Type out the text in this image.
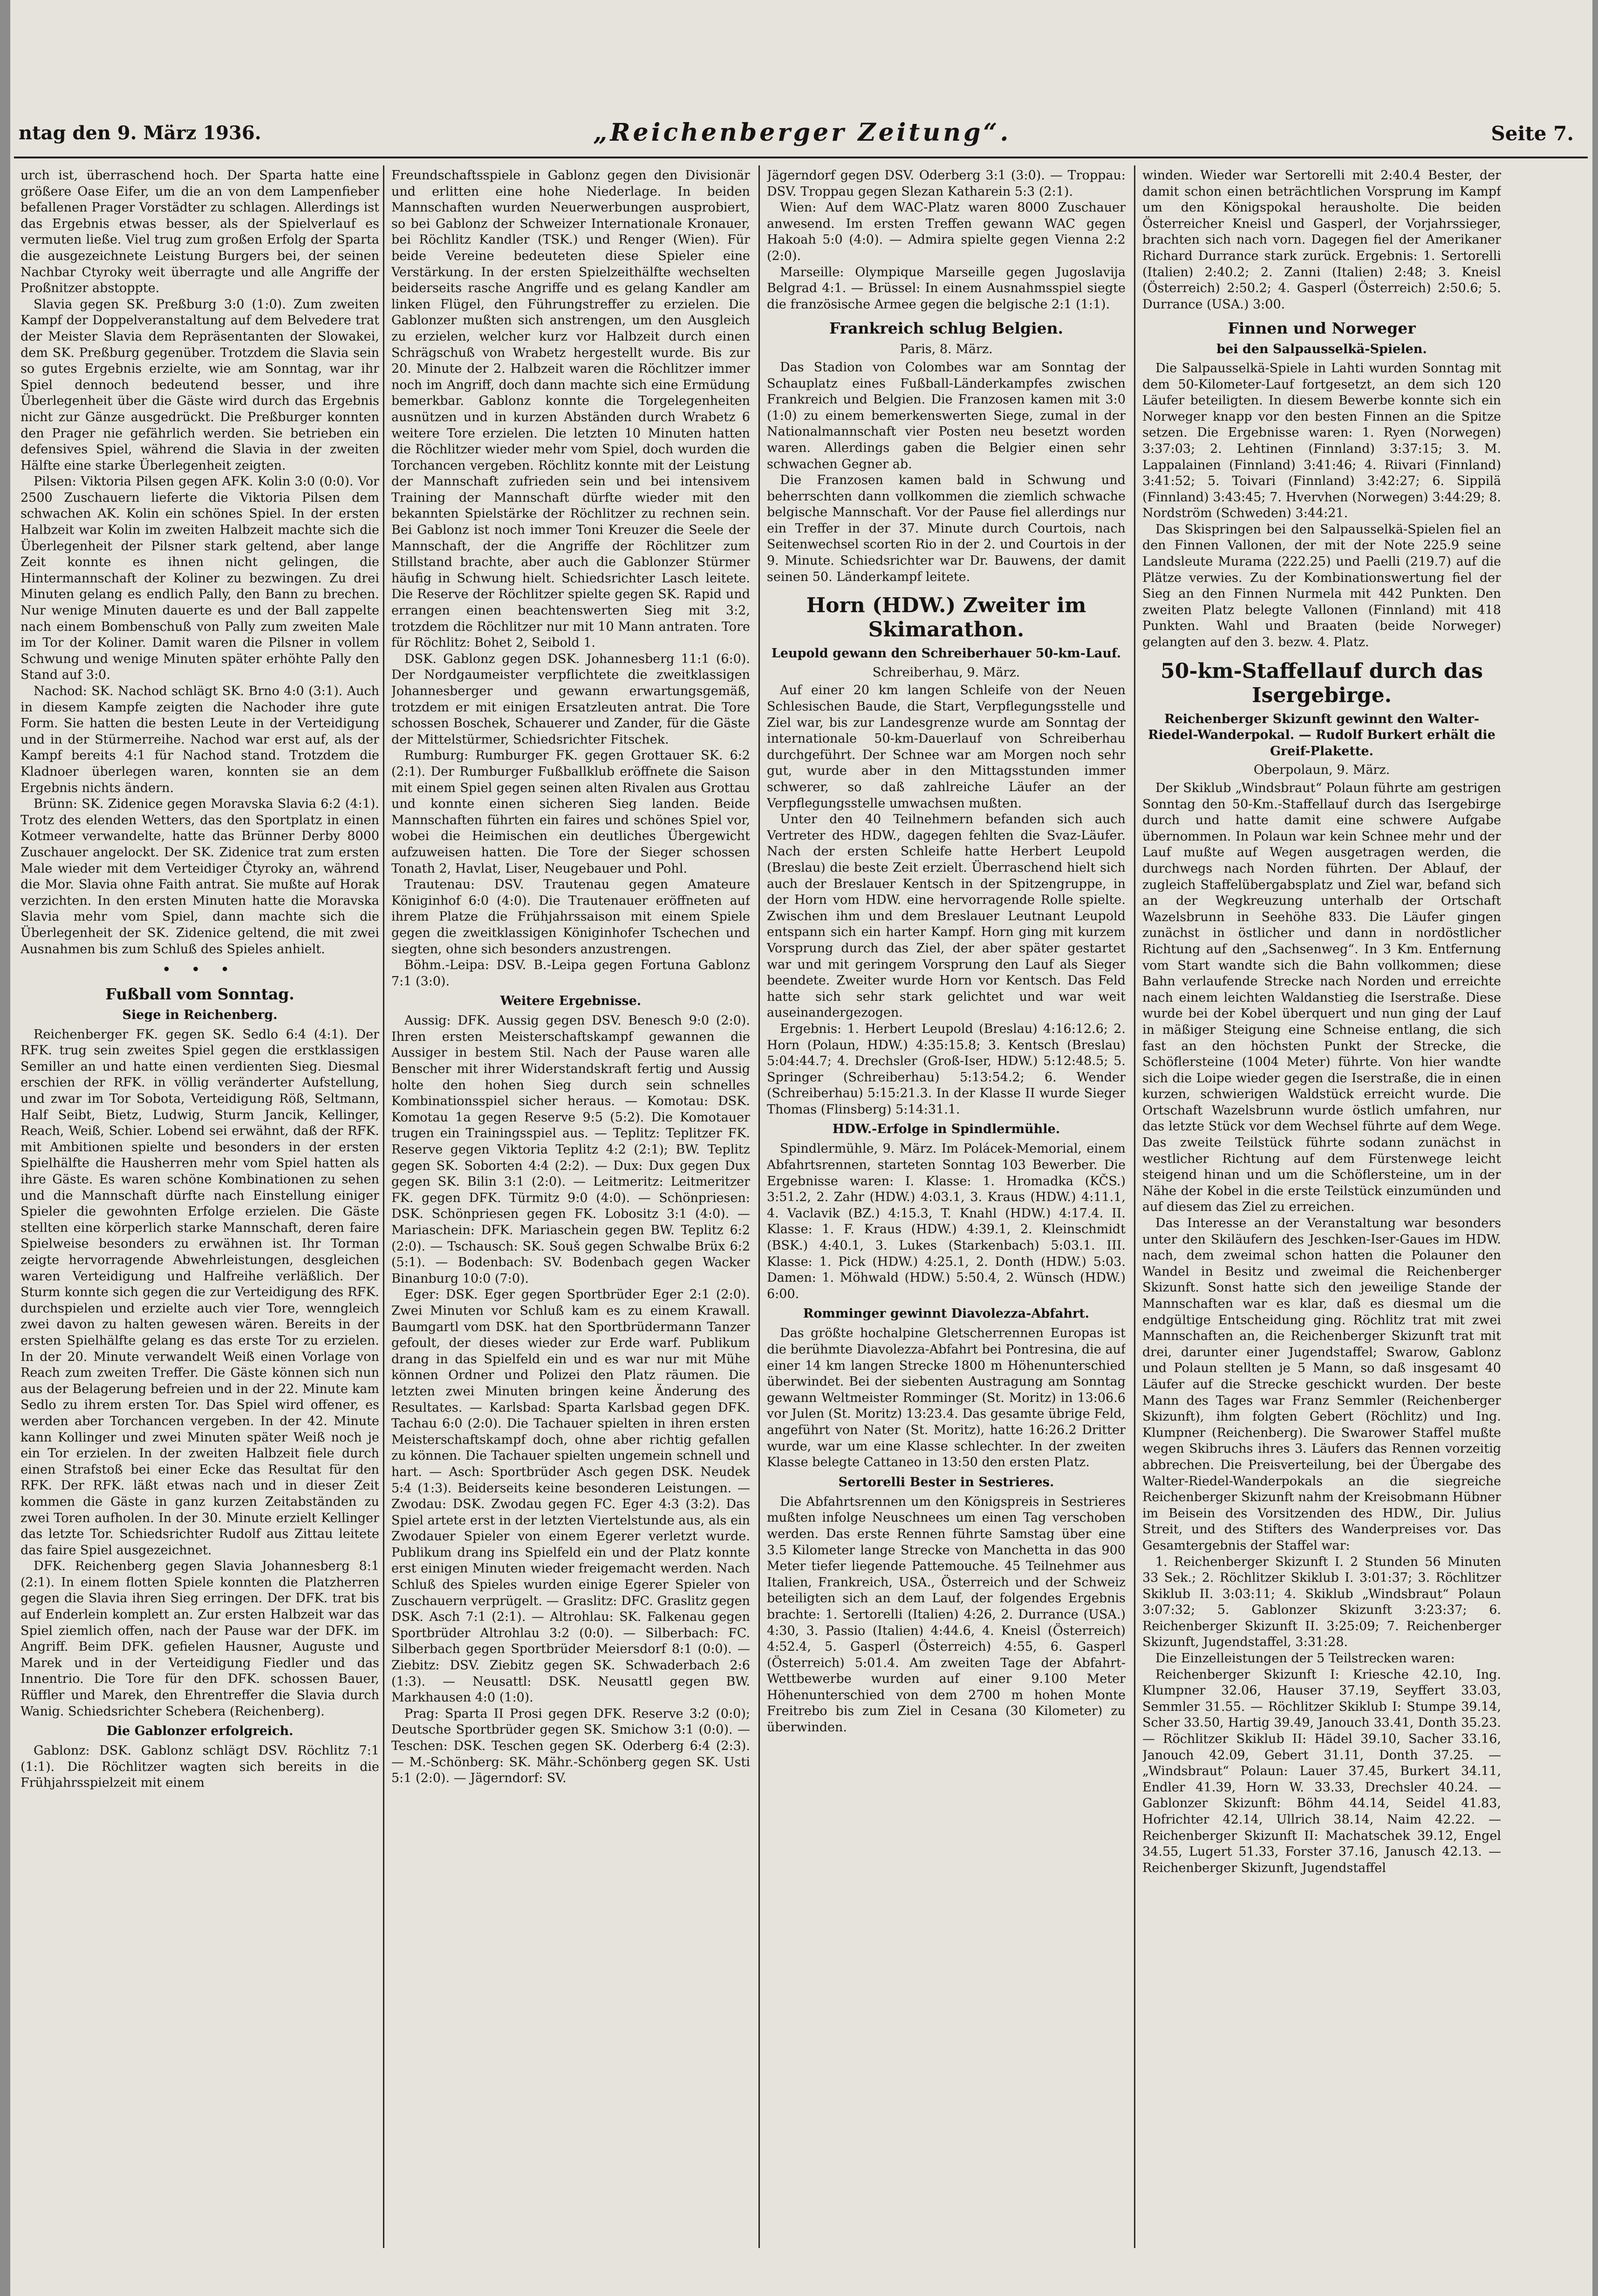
ntag den 9. März 1936.	„Reichenberger Zeitung“.	Seite 7.

urch ist, überraschend hoch. Der Sparta hatte eine größere Oase Eifer, um die an von dem Lampenfieber befallenen Prager Vorstädter zu schlagen. Allerdings ist das Ergebnis etwas besser, als der Spielverlauf es vermuten ließe. Viel trug zum großen Erfolg der Sparta die ausgezeichnete Leistung Burgers bei, der seinen Nachbar Ctyroky weit überragte und alle Angriffe der Proßnitzer abstoppte.

Slavia gegen SK. Preßburg 3:0 (1:0). Zum zweiten Kampf der Doppelveranstaltung auf dem Belvedere trat der Meister Slavia dem Repräsentanten der Slowakei, dem SK. Preßburg gegenüber. Trotzdem die Slavia sein so gutes Ergebnis erzielte, wie am Sonntag, war ihr Spiel dennoch bedeutend besser, und ihre Überlegenheit über die Gäste wird durch das Ergebnis nicht zur Gänze ausgedrückt. Die Preßburger konnten den Prager nie gefährlich werden. Sie betrieben ein defensives Spiel, während die Slavia in der zweiten Hälfte eine starke Überlegenheit zeigten.

Pilsen: Viktoria Pilsen gegen AFK. Kolin 3:0 (0:0). Vor 2500 Zuschauern lieferte die Viktoria Pilsen dem schwachen AK. Kolin ein schönes Spiel. In der ersten Halbzeit war Kolin im zweiten Halbzeit machte sich die Überlegenheit der Pilsner stark geltend, aber lange Zeit konnte es ihnen nicht gelingen, die Hintermannschaft der Koliner zu bezwingen. Zu drei Minuten gelang es endlich Pally, den Bann zu brechen. Nur wenige Minuten dauerte es und der Ball zappelte nach einem Bombenschuß von Pally zum zweiten Male im Tor der Koliner. Damit waren die Pilsner in vollem Schwung und wenige Minuten später erhöhte Pally den Stand auf 3:0.

Nachod: SK. Nachod schlägt SK. Brno 4:0 (3:1). Auch in diesem Kampfe zeigten die Nachoder ihre gute Form. Sie hatten die besten Leute in der Verteidigung und in der Stürmerreihe. Nachod war erst auf, als der Kampf bereits 4:1 für Nachod stand. Trotzdem die Kladnoer überlegen waren, konnten sie an dem Ergebnis nichts ändern.

Brünn: SK. Zidenice gegen Moravska Slavia 6:2 (4:1). Trotz des elenden Wetters, das den Sportplatz in einen Kotmeer verwandelte, hatte das Brünner Derby 8000 Zuschauer angelockt. Der SK. Zidenice trat zum ersten Male wieder mit dem Verteidiger Čtyroky an, während die Mor. Slavia ohne Faith antrat. Sie mußte auf Horak verzichten. In den ersten Minuten hatte die Moravska Slavia mehr vom Spiel, dann machte sich die Überlegenheit der SK. Zidenice geltend, die mit zwei Ausnahmen bis zum Schluß des Spieles anhielt.

• • •
Fußball vom Sonntag.
Siege in Reichenberg.

Reichenberger FK. gegen SK. Sedlo 6:4 (4:1). Der RFK. trug sein zweites Spiel gegen die erstklassigen Semiller an und hatte einen verdienten Sieg. Diesmal erschien der RFK. in völlig veränderter Aufstellung, und zwar im Tor Sobota, Verteidigung Röß, Seltmann, Half Seibt, Bietz, Ludwig, Sturm Jancik, Kellinger, Reach, Weiß, Schier. Lobend sei erwähnt, daß der RFK. mit Ambitionen spielte und besonders in der ersten Spielhälfte die Hausherren mehr vom Spiel hatten als ihre Gäste. Es waren schöne Kombinationen zu sehen und die Mannschaft dürfte nach Einstellung einiger Spieler die gewohnten Erfolge erzielen. Die Gäste stellten eine körperlich starke Mannschaft, deren faire Spielweise besonders zu erwähnen ist. Ihr Torman zeigte hervorragende Abwehrleistungen, desgleichen waren Verteidigung und Halfreihe verläßlich. Der Sturm konnte sich gegen die zur Verteidigung des RFK. durchspielen und erzielte auch vier Tore, wenngleich zwei davon zu halten gewesen wären. Bereits in der ersten Spielhälfte gelang es das erste Tor zu erzielen. In der 20. Minute verwandelt Weiß einen Vorlage von Reach zum zweiten Treffer. Die Gäste können sich nun aus der Belagerung befreien und in der 22. Minute kam Sedlo zu ihrem ersten Tor. Das Spiel wird offener, es werden aber Torchancen vergeben. In der 42. Minute kann Kollinger und zwei Minuten später Weiß noch je ein Tor erzielen. In der zweiten Halbzeit fiele durch einen Strafstoß bei einer Ecke das Resultat für den RFK. Der RFK. läßt etwas nach und in dieser Zeit kommen die Gäste in ganz kurzen Zeitabständen zu zwei Toren aufholen. In der 30. Minute erzielt Kellinger das letzte Tor. Schiedsrichter Rudolf aus Zittau leitete das faire Spiel ausgezeichnet.

DFK. Reichenberg gegen Slavia Johannesberg 8:1 (2:1). In einem flotten Spiele konnten die Platzherren gegen die Slavia ihren Sieg erringen. Der DFK. trat bis auf Enderlein komplett an. Zur ersten Halbzeit war das Spiel ziemlich offen, nach der Pause war der DFK. im Angriff. Beim DFK. gefielen Hausner, Auguste und Marek und in der Verteidigung Fiedler und das Innentrio. Die Tore für den DFK. schossen Bauer, Rüffler und Marek, den Ehrentreffer die Slavia durch Wanig. Schiedsrichter Schebera (Reichenberg).

Die Gablonzer erfolgreich.

Gablonz: DSK. Gablonz schlägt DSV. Röchlitz 7:1 (1:1). Die Röchlitzer wagten sich bereits in die Frühjahrsspielzeit mit einem

Freundschaftsspiele in Gablonz gegen den Divisionär und erlitten eine hohe Niederlage. In beiden Mannschaften wurden Neuerwerbungen ausprobiert, so bei Gablonz der Schweizer Internationale Kronauer, bei Röchlitz Kandler (TSK.) und Renger (Wien). Für beide Vereine bedeuteten diese Spieler eine Verstärkung. In der ersten Spielzeithälfte wechselten beiderseits rasche Angriffe und es gelang Kandler am linken Flügel, den Führungstreffer zu erzielen. Die Gablonzer mußten sich anstrengen, um den Ausgleich zu erzielen, welcher kurz vor Halbzeit durch einen Schrägschuß von Wrabetz hergestellt wurde. Bis zur 20. Minute der 2. Halbzeit waren die Röchlitzer immer noch im Angriff, doch dann machte sich eine Ermüdung bemerkbar. Gablonz konnte die Torgelegenheiten ausnützen und in kurzen Abständen durch Wrabetz 6 weitere Tore erzielen. Die letzten 10 Minuten hatten die Röchlitzer wieder mehr vom Spiel, doch wurden die Torchancen vergeben. Röchlitz konnte mit der Leistung der Mannschaft zufrieden sein und bei intensivem Training der Mannschaft dürfte wieder mit den bekannten Spielstärke der Röchlitzer zu rechnen sein. Bei Gablonz ist noch immer Toni Kreuzer die Seele der Mannschaft, der die Angriffe der Röchlitzer zum Stillstand brachte, aber auch die Gablonzer Stürmer häufig in Schwung hielt. Schiedsrichter Lasch leitete. Die Reserve der Röchlitzer spielte gegen SK. Rapid und errangen einen beachtenswerten Sieg mit 3:2, trotzdem die Röchlitzer nur mit 10 Mann antraten. Tore für Röchlitz: Bohet 2, Seibold 1.

DSK. Gablonz gegen DSK. Johannesberg 11:1 (6:0). Der Nordgaumeister verpflichtete die zweitklassigen Johannesberger und gewann erwartungsgemäß, trotzdem er mit einigen Ersatzleuten antrat. Die Tore schossen Boschek, Schauerer und Zander, für die Gäste der Mittelstürmer, Schiedsrichter Fitschek.

Rumburg: Rumburger FK. gegen Grottauer SK. 6:2 (2:1). Der Rumburger Fußballklub eröffnete die Saison mit einem Spiel gegen seinen alten Rivalen aus Grottau und konnte einen sicheren Sieg landen. Beide Mannschaften führten ein faires und schönes Spiel vor, wobei die Heimischen ein deutliches Übergewicht aufzuweisen hatten. Die Tore der Sieger schossen Tonath 2, Havlat, Liser, Neugebauer und Pohl.

Trautenau: DSV. Trautenau gegen Amateure Königinhof 6:0 (4:0). Die Trautenauer eröffneten auf ihrem Platze die Frühjahrssaison mit einem Spiele gegen die zweitklassigen Königinhofer Tschechen und siegten, ohne sich besonders anzustrengen.

Böhm.-Leipa: DSV. B.-Leipa gegen Fortuna Gablonz 7:1 (3:0).

Weitere Ergebnisse.

Aussig: DFK. Aussig gegen DSV. Benesch 9:0 (2:0). Ihren ersten Meisterschaftskampf gewannen die Aussiger in bestem Stil. Nach der Pause waren alle Benscher mit ihrer Widerstandskraft fertig und Aussig holte den hohen Sieg durch sein schnelles Kombinationsspiel sicher heraus. — Komotau: DSK. Komotau 1a gegen Reserve 9:5 (5:2). Die Komotauer trugen ein Trainingsspiel aus. — Teplitz: Teplitzer FK. Reserve gegen Viktoria Teplitz 4:2 (2:1); BW. Teplitz gegen SK. Soborten 4:4 (2:2). — Dux: Dux gegen Dux gegen SK. Bilin 3:1 (2:0). — Leitmeritz: Leitmeritzer FK. gegen DFK. Türmitz 9:0 (4:0). — Schönpriesen: DSK. Schönpriesen gegen FK. Lobositz 3:1 (4:0). — Mariaschein: DFK. Mariaschein gegen BW. Teplitz 6:2 (2:0). — Tschausch: SK. Souš gegen Schwalbe Brüx 6:2 (5:1). — Bodenbach: SV. Bodenbach gegen Wacker Binanburg 10:0 (7:0).

Eger: DSK. Eger gegen Sportbrüder Eger 2:1 (2:0). Zwei Minuten vor Schluß kam es zu einem Krawall. Baumgartl vom DSK. hat den Sportbrüdermann Tanzer gefoult, der dieses wieder zur Erde warf. Publikum drang in das Spielfeld ein und es war nur mit Mühe können Ordner und Polizei den Platz räumen. Die letzten zwei Minuten bringen keine Änderung des Resultates. — Karlsbad: Sparta Karlsbad gegen DFK. Tachau 6:0 (2:0). Die Tachauer spielten in ihren ersten Meisterschaftskampf doch, ohne aber richtig gefallen zu können. Die Tachauer spielten ungemein schnell und hart. — Asch: Sportbrüder Asch gegen DSK. Neudek 5:4 (1:3). Beiderseits keine besonderen Leistungen. — Zwodau: DSK. Zwodau gegen FC. Eger 4:3 (3:2). Das Spiel artete erst in der letzten Viertelstunde aus, als ein Zwodauer Spieler von einem Egerer verletzt wurde. Publikum drang ins Spielfeld ein und der Platz konnte erst einigen Minuten wieder freigemacht werden. Nach Schluß des Spieles wurden einige Egerer Spieler von Zuschauern verprügelt. — Graslitz: DFC. Graslitz gegen DSK. Asch 7:1 (2:1). — Altrohlau: SK. Falkenau gegen Sportbrüder Altrohlau 3:2 (0:0). — Silberbach: FC. Silberbach gegen Sportbrüder Meiersdorf 8:1 (0:0). — Ziebitz: DSV. Ziebitz gegen SK. Schwaderbach 2:6 (1:3). — Neusattl: DSK. Neusattl gegen BW. Markhausen 4:0 (1:0).

Prag: Sparta II Prosi gegen DFK. Reserve 3:2 (0:0); Deutsche Sportbrüder gegen SK. Smichow 3:1 (0:0). — Teschen: DSK. Teschen gegen SK. Oderberg 6:4 (2:3). — M.-Schönberg: SK. Mähr.-Schönberg gegen SK. Usti 5:1 (2:0). — Jägerndorf: SV.

Jägerndorf gegen DSV. Oderberg 3:1 (3:0). — Troppau: DSV. Troppau gegen Slezan Katharein 5:3 (2:1).

Wien: Auf dem WAC-Platz waren 8000 Zuschauer anwesend. Im ersten Treffen gewann WAC gegen Hakoah 5:0 (4:0). — Admira spielte gegen Vienna 2:2 (2:0).

Marseille: Olympique Marseille gegen Jugoslavija Belgrad 4:1. — Brüssel: In einem Ausnahmsspiel siegte die französische Armee gegen die belgische 2:1 (1:1).

Frankreich schlug Belgien.

Paris, 8. März.

Das Stadion von Colombes war am Sonntag der Schauplatz eines Fußball-Länderkampfes zwischen Frankreich und Belgien. Die Franzosen kamen mit 3:0 (1:0) zu einem bemerkenswerten Siege, zumal in der Nationalmannschaft vier Posten neu besetzt worden waren. Allerdings gaben die Belgier einen sehr schwachen Gegner ab.

Die Franzosen kamen bald in Schwung und beherrschten dann vollkommen die ziemlich schwache belgische Mannschaft. Vor der Pause fiel allerdings nur ein Treffer in der 37. Minute durch Courtois, nach Seitenwechsel scorten Rio in der 2. und Courtois in der 9. Minute. Schiedsrichter war Dr. Bauwens, der damit seinen 50. Länderkampf leitete.

Horn (HDW.) Zweiter im Skimarathon.
Leupold gewann den Schreiberhauer 50-km-Lauf.

Schreiberhau, 9. März.

Auf einer 20 km langen Schleife von der Neuen Schlesischen Baude, die Start, Verpflegungsstelle und Ziel war, bis zur Landesgrenze wurde am Sonntag der internationale 50-km-Dauerlauf von Schreiberhau durchgeführt. Der Schnee war am Morgen noch sehr gut, wurde aber in den Mittagsstunden immer schwerer, so daß zahlreiche Läufer an der Verpflegungsstelle umwachsen mußten.

Unter den 40 Teilnehmern befanden sich auch Vertreter des HDW., dagegen fehlten die Svaz-Läufer. Nach der ersten Schleife hatte Herbert Leupold (Breslau) die beste Zeit erzielt. Überraschend hielt sich auch der Breslauer Kentsch in der Spitzengruppe, in der Horn vom HDW. eine hervorragende Rolle spielte. Zwischen ihm und dem Breslauer Leutnant Leupold entspann sich ein harter Kampf. Horn ging mit kurzem Vorsprung durch das Ziel, der aber später gestartet war und mit geringem Vorsprung den Lauf als Sieger beendete. Zweiter wurde Horn vor Kentsch. Das Feld hatte sich sehr stark gelichtet und war weit auseinandergezogen.

Ergebnis: 1. Herbert Leupold (Breslau) 4:16:12.6; 2. Horn (Polaun, HDW.) 4:35:15.8; 3. Kentsch (Breslau) 5:04:44.7; 4. Drechsler (Groß-Iser, HDW.) 5:12:48.5; 5. Springer (Schreiberhau) 5:13:54.2; 6. Wender (Schreiberhau) 5:15:21.3. In der Klasse II wurde Sieger Thomas (Flinsberg) 5:14:31.1.

HDW.-Erfolge in Spindlermühle.

Spindlermühle, 9. März. Im Polácek-Memorial, einem Abfahrtsrennen, starteten Sonntag 103 Bewerber. Die Ergebnisse waren: I. Klasse: 1. Hromadka (KČS.) 3:51.2, 2. Zahr (HDW.) 4:03.1, 3. Kraus (HDW.) 4:11.1, 4. Vaclavik (BZ.) 4:15.3, T. Knahl (HDW.) 4:17.4. II. Klasse: 1. F. Kraus (HDW.) 4:39.1, 2. Kleinschmidt (BSK.) 4:40.1, 3. Lukes (Starkenbach) 5:03.1. III. Klasse: 1. Pick (HDW.) 4:25.1, 2. Donth (HDW.) 5:03. Damen: 1. Möhwald (HDW.) 5:50.4, 2. Wünsch (HDW.) 6:00.

Romminger gewinnt Diavolezza-Abfahrt.

Das größte hochalpine Gletscherrennen Europas ist die berühmte Diavolezza-Abfahrt bei Pontresina, die auf einer 14 km langen Strecke 1800 m Höhenunterschied überwindet. Bei der siebenten Austragung am Sonntag gewann Weltmeister Romminger (St. Moritz) in 13:06.6 vor Julen (St. Moritz) 13:23.4. Das gesamte übrige Feld, angeführt von Nater (St. Moritz), hatte 16:26.2 Dritter wurde, war um eine Klasse schlechter. In der zweiten Klasse belegte Cattaneo in 13:50 den ersten Platz.

Sertorelli Bester in Sestrieres.

Die Abfahrtsrennen um den Königspreis in Sestrieres mußten infolge Neuschnees um einen Tag verschoben werden. Das erste Rennen führte Samstag über eine 3.5 Kilometer lange Strecke von Manchetta in das 900 Meter tiefer liegende Pattemouche. 45 Teilnehmer aus Italien, Frankreich, USA., Österreich und der Schweiz beteiligten sich an dem Lauf, der folgendes Ergebnis brachte: 1. Sertorelli (Italien) 4:26, 2. Durrance (USA.) 4:30, 3. Passio (Italien) 4:44.6, 4. Kneisl (Österreich) 4:52.4, 5. Gasperl (Österreich) 4:55, 6. Gasperl (Österreich) 5:01.4. Am zweiten Tage der Abfahrt-Wettbewerbe wurden auf einer 9.100 Meter Höhenunterschied von dem 2700 m hohen Monte Freitrebo bis zum Ziel in Cesana (30 Kilometer) zu überwinden.

winden. Wieder war Sertorelli mit 2:40.4 Bester, der damit schon einen beträchtlichen Vorsprung im Kampf um den Königspokal herausholte. Die beiden Österreicher Kneisl und Gasperl, der Vorjahrssieger, brachten sich nach vorn. Dagegen fiel der Amerikaner Richard Durrance stark zurück. Ergebnis: 1. Sertorelli (Italien) 2:40.2; 2. Zanni (Italien) 2:48; 3. Kneisl (Österreich) 2:50.2; 4. Gasperl (Österreich) 2:50.6; 5. Durrance (USA.) 3:00.

Finnen und Norweger
bei den Salpausselkä-Spielen.

Die Salpausselkä-Spiele in Lahti wurden Sonntag mit dem 50-Kilometer-Lauf fortgesetzt, an dem sich 120 Läufer beteiligten. In diesem Bewerbe konnte sich ein Norweger knapp vor den besten Finnen an die Spitze setzen. Die Ergebnisse waren: 1. Ryen (Norwegen) 3:37:03; 2. Lehtinen (Finnland) 3:37:15; 3. M. Lappalainen (Finnland) 3:41:46; 4. Riivari (Finnland) 3:41:52; 5. Toivari (Finnland) 3:42:27; 6. Sippilä (Finnland) 3:43:45; 7. Hvervhen (Norwegen) 3:44:29; 8. Nordström (Schweden) 3:44:21.

Das Skispringen bei den Salpausselkä-Spielen fiel an den Finnen Vallonen, der mit der Note 225.9 seine Landsleute Murama (222.25) und Paelli (219.7) auf die Plätze verwies. Zu der Kombinationswertung fiel der Sieg an den Finnen Nurmela mit 442 Punkten. Den zweiten Platz belegte Vallonen (Finnland) mit 418 Punkten. Wahl und Braaten (beide Norweger) gelangten auf den 3. bezw. 4. Platz.

50-km-Staffellauf durch das Isergebirge.
Reichenberger Skizunft gewinnt den Walter-Riedel-Wanderpokal. — Rudolf Burkert erhält die Greif-Plakette.

Oberpolaun, 9. März.

Der Skiklub „Windsbraut“ Polaun führte am gestrigen Sonntag den 50-Km.-Staffellauf durch das Isergebirge durch und hatte damit eine schwere Aufgabe übernommen. In Polaun war kein Schnee mehr und der Lauf mußte auf Wegen ausgetragen werden, die durchwegs nach Norden führten. Der Ablauf, der zugleich Staffelübergabsplatz und Ziel war, befand sich an der Wegkreuzung unterhalb der Ortschaft Wazelsbrunn in Seehöhe 833. Die Läufer gingen zunächst in östlicher und dann in nordöstlicher Richtung auf den „Sachsenweg“. In 3 Km. Entfernung vom Start wandte sich die Bahn vollkommen; diese Bahn verlaufende Strecke nach Norden und erreichte nach einem leichten Waldanstieg die Iserstraße. Diese wurde bei der Kobel überquert und nun ging der Lauf in mäßiger Steigung eine Schneise entlang, die sich fast an den höchsten Punkt der Strecke, die Schöflersteine (1004 Meter) führte. Von hier wandte sich die Loipe wieder gegen die Iserstraße, die in einen kurzen, schwierigen Waldstück erreicht wurde. Die Ortschaft Wazelsbrunn wurde östlich umfahren, nur das letzte Stück vor dem Wechsel führte auf dem Wege. Das zweite Teilstück führte sodann zunächst in westlicher Richtung auf dem Fürstenwege leicht steigend hinan und um die Schöflersteine, um in der Nähe der Kobel in die erste Teilstück einzumünden und auf diesem das Ziel zu erreichen.

Das Interesse an der Veranstaltung war besonders unter den Skiläufern des Jeschken-Iser-Gaues im HDW. nach, dem zweimal schon hatten die Polauner den Wandel in Besitz und zweimal die Reichenberger Skizunft. Sonst hatte sich den jeweilige Stande der Mannschaften war es klar, daß es diesmal um die endgültige Entscheidung ging. Röchlitz trat mit zwei Mannschaften an, die Reichenberger Skizunft trat mit drei, darunter einer Jugendstaffel; Swarow, Gablonz und Polaun stellten je 5 Mann, so daß insgesamt 40 Läufer auf die Strecke geschickt wurden. Der beste Mann des Tages war Franz Semmler (Reichenberger Skizunft), ihm folgten Gebert (Röchlitz) und Ing. Klumpner (Reichenberg). Die Swarower Staffel mußte wegen Skibruchs ihres 3. Läufers das Rennen vorzeitig abbrechen. Die Preisverteilung, bei der Übergabe des Walter-Riedel-Wanderpokals an die siegreiche Reichenberger Skizunft nahm der Kreisobmann Hübner im Beisein des Vorsitzenden des HDW., Dir. Julius Streit, und des Stifters des Wanderpreises vor. Das Gesamtergebnis der Staffel war:

1. Reichenberger Skizunft I. 2 Stunden 56 Minuten 33 Sek.; 2. Röchlitzer Skiklub I. 3:01:37; 3. Röchlitzer Skiklub II. 3:03:11; 4. Skiklub „Windsbraut“ Polaun 3:07:32; 5. Gablonzer Skizunft 3:23:37; 6. Reichenberger Skizunft II. 3:25:09; 7. Reichenberger Skizunft, Jugendstaffel, 3:31:28.

Die Einzelleistungen der 5 Teilstrecken waren:

Reichenberger Skizunft I: Kriesche 42.10, Ing. Klumpner 32.06, Hauser 37.19, Seyffert 33.03, Semmler 31.55. — Röchlitzer Skiklub I: Stumpe 39.14, Scher 33.50, Hartig 39.49, Janouch 33.41, Donth 35.23. — Röchlitzer Skiklub II: Hädel 39.10, Sacher 33.16, Janouch 42.09, Gebert 31.11, Donth 37.25. — „Windsbraut“ Polaun: Lauer 37.45, Burkert 34.11, Endler 41.39, Horn W. 33.33, Drechsler 40.24. — Gablonzer Skizunft: Böhm 44.14, Seidel 41.83, Hofrichter 42.14, Ullrich 38.14, Naim 42.22. — Reichenberger Skizunft II: Machatschek 39.12, Engel 34.55, Lugert 51.33, Forster 37.16, Janusch 42.13. — Reichenberger Skizunft, Jugendstaffel
